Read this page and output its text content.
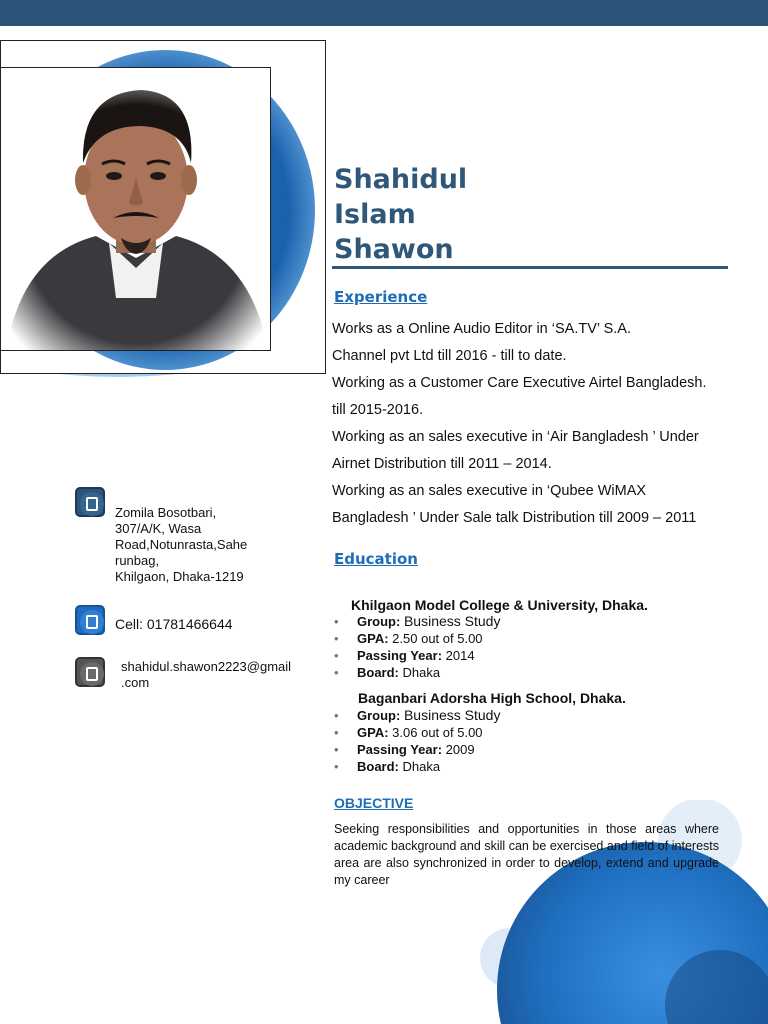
Shahidul
Islam
Shawon
Experience
Works as a Online Audio Editor in ‘SA.TV’ S.A.
Channel pvt Ltd till 2016 - till to date.
Working as a Customer Care Executive Airtel Bangladesh.
till 2015-2016.
Working as an sales executive in ‘Air Bangladesh ’ Under
Airnet Distribution till 2011 – 2014.
Working as an sales executive in ‘Qubee WiMAX
Bangladesh ’ Under Sale talk Distribution till 2009 – 2011
Education
Khilgaon Model College & University, Dhaka.
• Group: Business Study
• GPA: 2.50 out of 5.00
• Passing Year: 2014
• Board: Dhaka
Baganbari Adorsha High School, Dhaka.
• Group: Business Study
• GPA: 3.06 out of 5.00
• Passing Year: 2009
• Board: Dhaka
OBJECTIVE
Seeking responsibilities and opportunities in those areas where academic background and skill can be exercised and field of interests area are also synchronized in order to develop, extend and upgrade my career
Zomila Bosotbari,
307/A/K, Wasa
Road,Notunrasta,Sahe
runbag,
Khilgaon, Dhaka-1219
Cell: 01781466644
shahidul.shawon2223@gmail
.com
